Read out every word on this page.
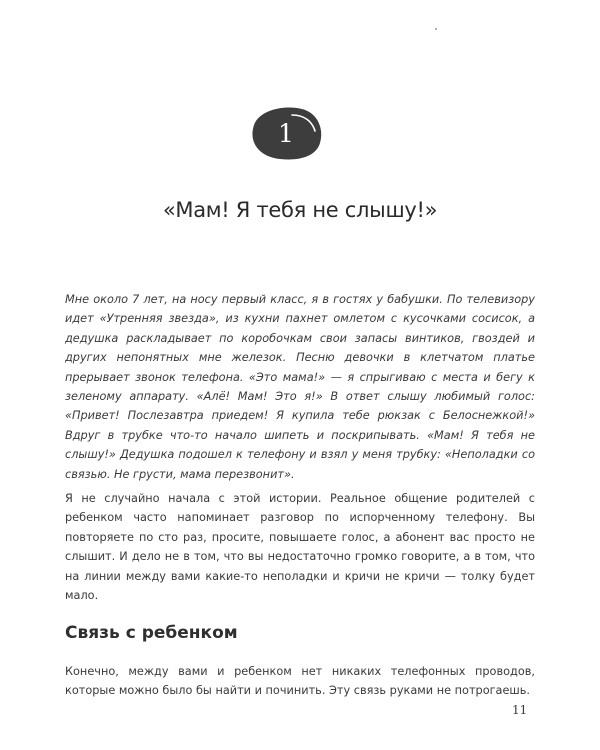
1
«Мам! Я тебя не слышу!»

Мне около 7 лет, на носу первый класс, я в гостях у бабушки. По телевизору идет «Утренняя звезда», из кухни пахнет омлетом с кусочками сосисок, а дедушка раскладывает по коробочкам свои запасы винтиков, гвоздей и других непонятных мне железок. Песню девочки в клетчатом платье прерывает звонок телефона. «Это мама!» — я спрыгиваю с места и бегу к зеленому аппарату. «Алё! Мам! Это я!» В ответ слышу любимый голос: «Привет! Послезавтра приедем! Я купила тебе рюкзак с Белоснежкой!» Вдруг в трубке что-то начало шипеть и поскрипывать. «Мам! Я тебя не слышу!» Дедушка подошел к телефону и взял у меня трубку: «Неполадки со связью. Не грусти, мама перезвонит».

Я не случайно начала с этой истории. Реальное общение родителей с ребенком часто напоминает разговор по испорченному телефону. Вы повторяете по сто раз, просите, повышаете голос, а абонент вас просто не слышит. И дело не в том, что вы недостаточно громко говорите, а в том, что на линии между вами какие-то неполадки и кричи не кричи — толку будет мало.

Связь с ребенком

Конечно, между вами и ребенком нет никаких телефонных проводов, которые можно было бы найти и починить. Эту связь руками не потрогаешь.

11
